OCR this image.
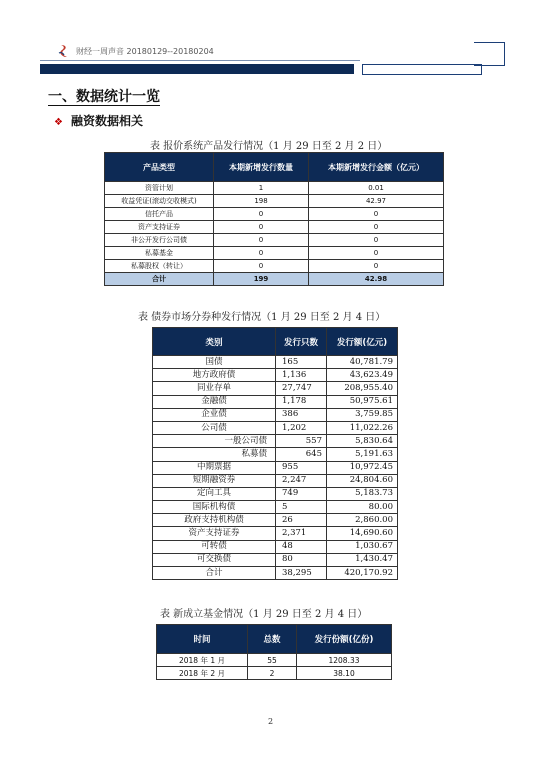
财经一周声音 20180129--20180204
一、数据统计一览
❖ 融资数据相关
表 报价系统产品发行情况（1 月 29 日至 2 月 2 日）
产品类型	本期新增发行数量	本期新增发行金额（亿元）
资管计划	1	0.01
收益凭证(滚动交收模式)	198	42.97
信托产品	0	0
资产支持证券	0	0
非公开发行公司债	0	0
私募基金	0	0
私募股权（转让）	0	0
合计	199	42.98
表 债券市场分券种发行情况（1 月 29 日至 2 月 4 日）
类别	发行只数	发行额(亿元)
国债	165	40,781.79
地方政府债	1,136	43,623.49
同业存单	27,747	208,955.40
金融债	1,178	50,975.61
企业债	386	3,759.85
公司债	1,202	11,022.26
一般公司债	557	5,830.64
私募债	645	5,191.63
中期票据	955	10,972.45
短期融资券	2,247	24,804.60
定向工具	749	5,183.73
国际机构债	5	80.00
政府支持机构债	26	2,860.00
资产支持证券	2,371	14,690.60
可转债	48	1,030.67
可交换债	80	1,430.47
合计	38,295	420,170.92
表 新成立基金情况（1 月 29 日至 2 月 4 日）
时间	总数	发行份额(亿份)
2018 年 1 月	55	1208.33
2018 年 2 月	2	38.10
2
